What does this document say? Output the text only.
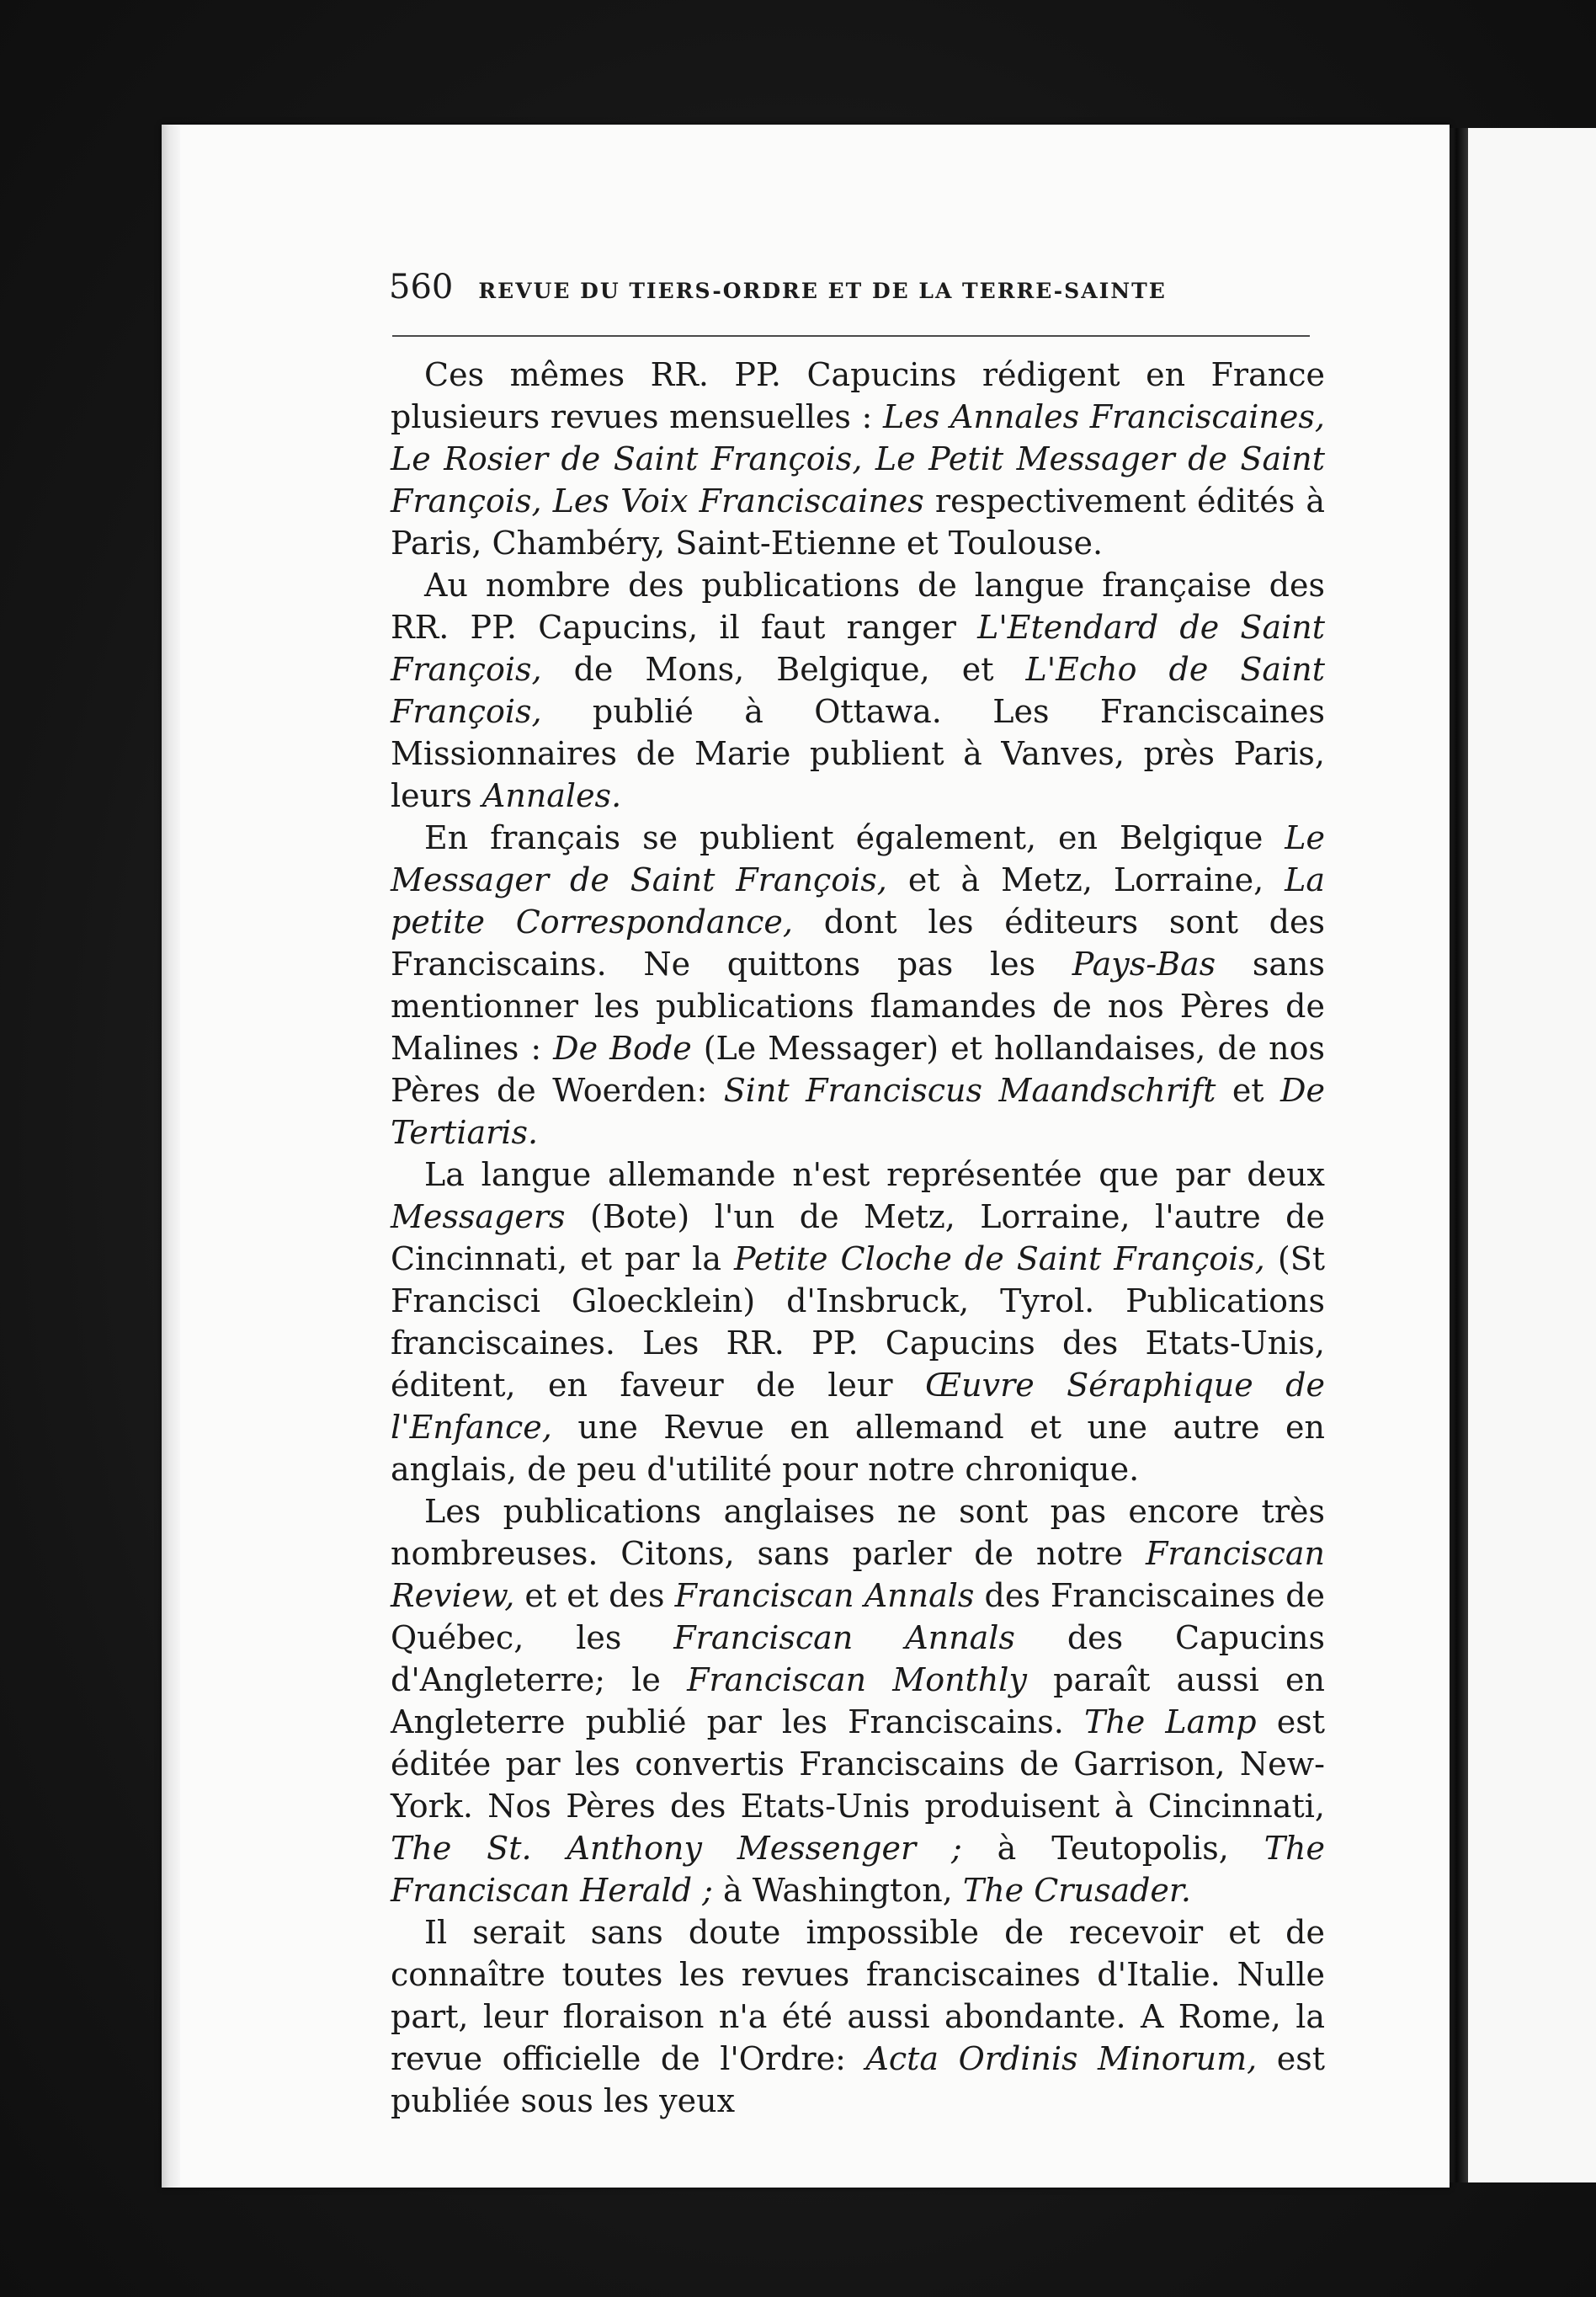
560 REVUE DU TIERS-ORDRE ET DE LA TERRE-SAINTE

Ces mêmes RR. PP. Capucins rédigent en France plusieurs revues mensuelles : Les Annales Franciscaines, Le Rosier de Saint François, Le Petit Messager de Saint François, Les Voix Franciscaines respectivement édités à Paris, Chambéry, Saint-Etienne et Toulouse.

Au nombre des publications de langue française des RR. PP. Capucins, il faut ranger L'Etendard de Saint François, de Mons, Belgique, et L'Echo de Saint François, publié à Ottawa. Les Franciscaines Missionnaires de Marie publient à Vanves, près Paris, leurs Annales.

En français se publient également, en Belgique Le Messager de Saint François, et à Metz, Lorraine, La petite Correspondance, dont les éditeurs sont des Franciscains. Ne quittons pas les Pays-Bas sans mentionner les publications flamandes de nos Pères de Malines : De Bode (Le Messager) et hollandaises, de nos Pères de Woerden: Sint Franciscus Maandschrift et De Tertiaris.

La langue allemande n'est représentée que par deux Messagers (Bote) l'un de Metz, Lorraine, l'autre de Cincinnati, et par la Petite Cloche de Saint François, (St Francisci Gloecklein) d'Insbruck, Tyrol. Publications franciscaines. Les RR. PP. Capucins des Etats-Unis, éditent, en faveur de leur Œuvre Séraphique de l'Enfance, une Revue en allemand et une autre en anglais, de peu d'utilité pour notre chronique.

Les publications anglaises ne sont pas encore très nombreuses. Citons, sans parler de notre Franciscan Review, et et des Franciscan Annals des Franciscaines de Québec, les Franciscan Annals des Capucins d'Angleterre; le Franciscan Monthly paraît aussi en Angleterre publié par les Franciscains. The Lamp est éditée par les convertis Franciscains de Garrison, New-York. Nos Pères des Etats-Unis produisent à Cincinnati, The St. Anthony Messenger ; à Teutopolis, The Franciscan Herald ; à Washington, The Crusader.

Il serait sans doute impossible de recevoir et de connaître toutes les revues franciscaines d'Italie. Nulle part, leur floraison n'a été aussi abondante. A Rome, la revue officielle de l'Ordre: Acta Ordinis Minorum, est publiée sous les yeux
